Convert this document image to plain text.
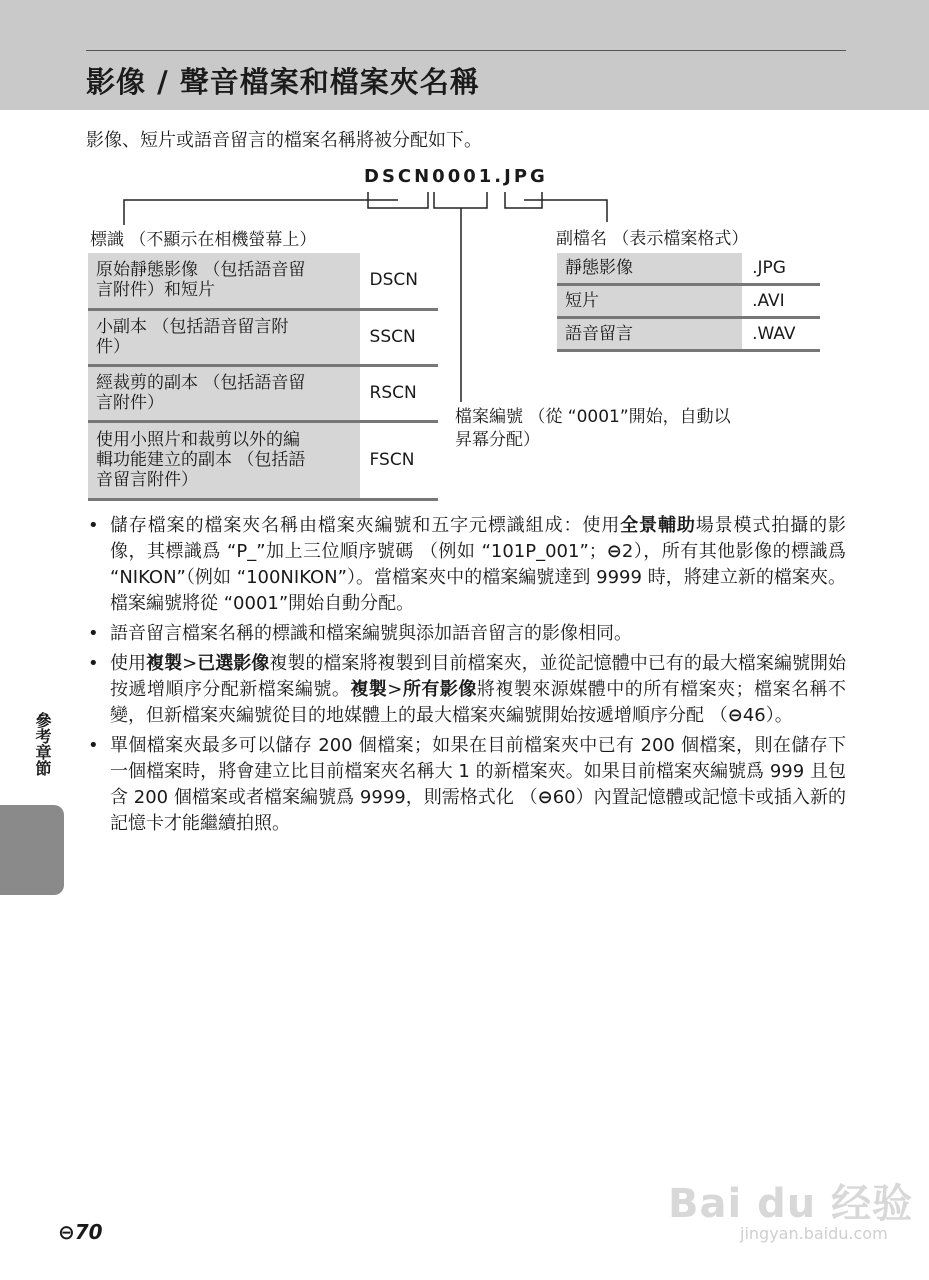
影像 / 聲音檔案和檔案夾名稱
影像、短片或語音留言的檔案名稱將被分配如下。
DSCN0001.JPG
標識 （不顯示在相機螢幕上）	副檔名 （表示檔案格式）
檔案編號 （從 “0001”開始，自動以
昇冪分配）
原始靜態影像 （包括語音留
言附件）和短片	DSCN
小副本 （包括語音留言附
件）	SSCN
經裁剪的副本 （包括語音留
言附件）	RSCN
使用小照片和裁剪以外的編
輯功能建立的副本 （包括語
音留言附件）	FSCN
靜態影像	.JPG
短片	.AVI
語音留言	.WAV
• 儲存檔案的檔案夾名稱由檔案夾編號和五字元標識組成：使用全景輔助場景模式拍攝的影像，其標識爲 “P_”加上三位順序號碼 （例如 “101P_001”；⊖2），所有其他影像的標識爲 “NIKON”（例如 “100NIKON”）。當檔案夾中的檔案編號達到 9999 時，將建立新的檔案夾。檔案編號將從 “0001”開始自動分配。
• 語音留言檔案名稱的標識和檔案編號與添加語音留言的影像相同。
• 使用複製>已選影像複製的檔案將複製到目前檔案夾，並從記憶體中已有的最大檔案編號開始按遞增順序分配新檔案編號。複製>所有影像將複製來源媒體中的所有檔案夾；檔案名稱不變，但新檔案夾編號從目的地媒體上的最大檔案夾編號開始按遞增順序分配 （⊖46）。
• 單個檔案夾最多可以儲存 200 個檔案；如果在目前檔案夾中已有 200 個檔案，則在儲存下一個檔案時，將會建立比目前檔案夾名稱大 1 的新檔案夾。如果目前檔案夾編號爲 999 且包含 200 個檔案或者檔案編號爲 9999，則需格式化 （⊖60）內置記憶體或記憶卡或插入新的記憶卡才能繼續拍照。
參考章節
⊖70
Bai du 经验
jingyan.baidu.com
